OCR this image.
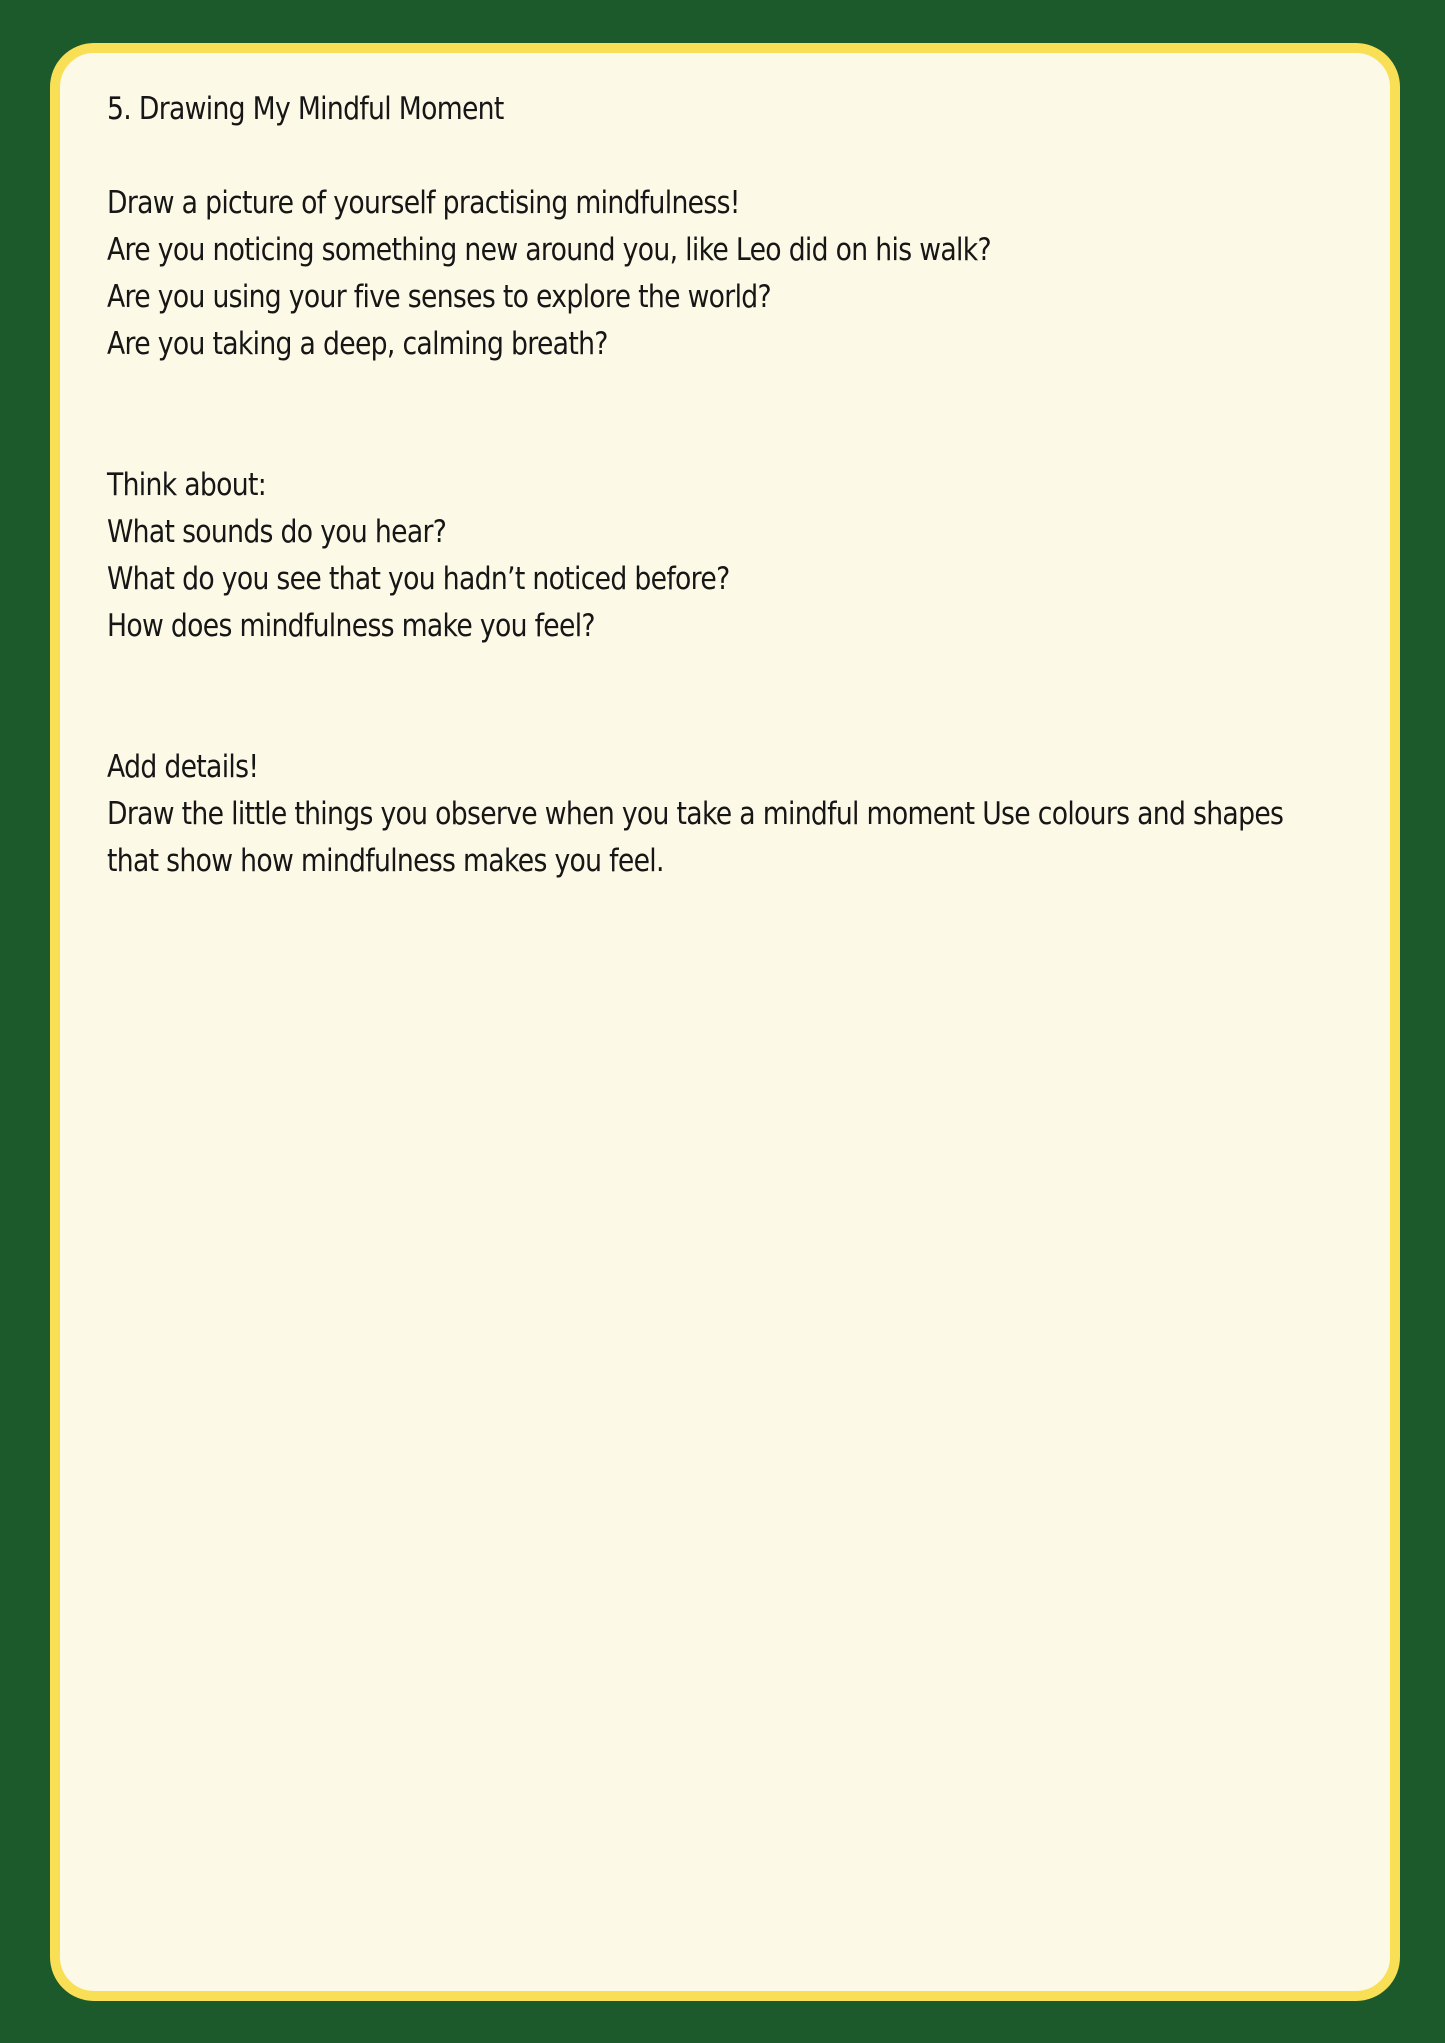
5. Drawing My Mindful Moment
Draw a picture of yourself practising mindfulness!
Are you noticing something new around you, like Leo did on his walk?
Are you using your five senses to explore the world?
Are you taking a deep, calming breath?
Think about:
What sounds do you hear?
What do you see that you hadn’t noticed before?
How does mindfulness make you feel?
Add details!
Draw the little things you observe when you take a mindful moment Use colours and shapes
that show how mindfulness makes you feel.
